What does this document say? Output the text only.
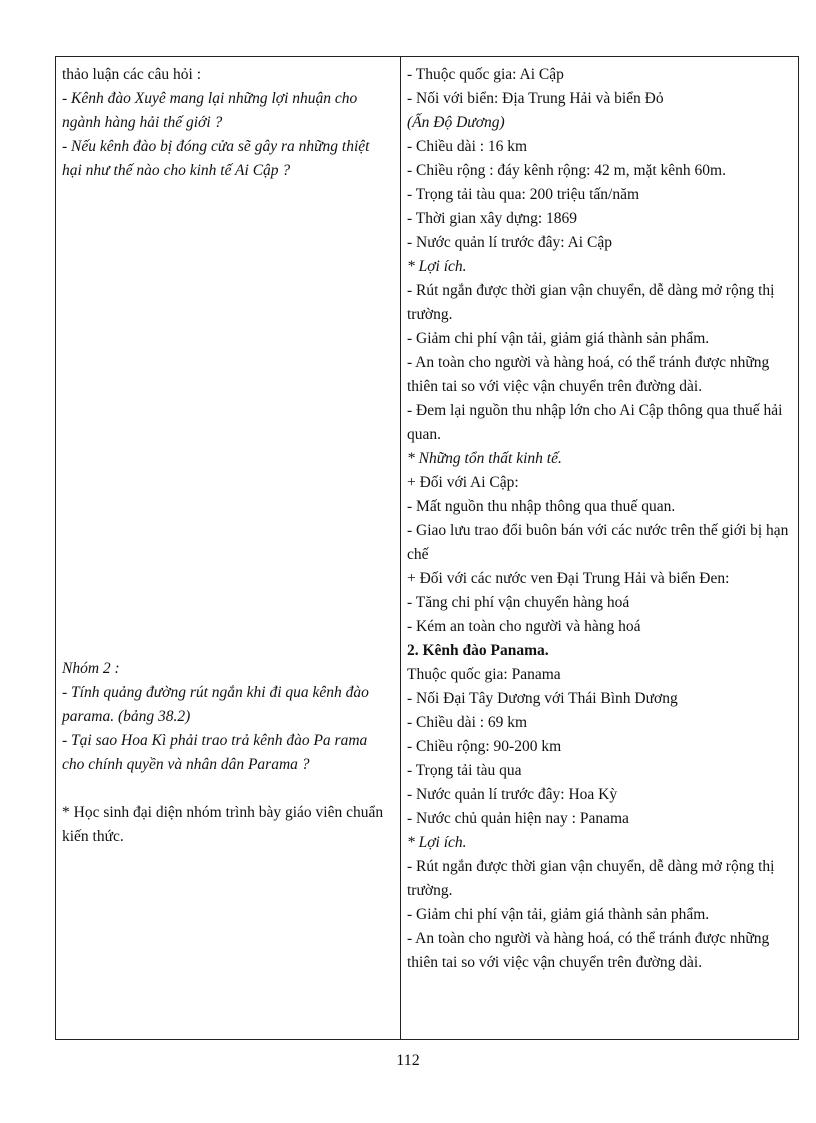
thảo luận các câu hỏi :
- Kênh đào Xuyê mang lại những lợi nhuận cho ngành hàng hải thế giới ?
- Nếu kênh đào bị đóng cửa sẽ gây ra những thiệt hại như thế nào cho kinh tế Ai Cập ?
Nhóm 2 :
- Tính quảng đường rút ngắn khi đi qua kênh đào parama. (bảng 38.2)
- Tại sao Hoa Kì phải trao trả kênh đào Pa rama cho chính quyền và nhân dân Parama ?
* Học sinh đại diện nhóm trình bày giáo viên chuẩn kiến thức.
- Thuộc quốc gia: Ai Cập
- Nối với biển: Địa Trung Hải và biển Đỏ
(Ấn Độ Dương)
- Chiều dài : 16 km
- Chiều rộng : đáy kênh rộng: 42 m, mặt kênh 60m.
- Trọng tải tàu qua: 200 triệu tấn/năm
- Thời gian xây dựng: 1869
- Nước quản lí trước đây: Ai Cập
* Lợi ích.
- Rút ngắn được thời gian vận chuyển, dễ dàng mở rộng thị trường.
- Giảm chi phí vận tải, giảm giá thành sản phẩm.
- An toàn cho người và hàng hoá, có thể tránh được những thiên tai so với việc vận chuyển trên đường dài.
- Đem lại nguồn thu nhập lớn cho Ai Cập thông qua thuế hải quan.
* Những tổn thất kinh tế.
+ Đối với Ai Cập:
- Mất nguồn thu nhập thông qua thuế quan.
- Giao lưu trao đổi buôn bán với các nước trên thế giới bị hạn chế
+ Đối với các nước ven Đại Trung Hải và biển Đen:
- Tăng chi phí vận chuyển hàng hoá
- Kém an toàn cho người và hàng hoá
2. Kênh đào Panama.
Thuộc quốc gia: Panama
- Nối Đại Tây Dương với Thái Bình Dương
- Chiều dài : 69 km
- Chiều rộng: 90-200 km
- Trọng tải tàu qua
- Nước quản lí trước đây: Hoa Kỳ
- Nước chủ quản hiện nay : Panama
* Lợi ích.
- Rút ngắn được thời gian vận chuyển, dễ dàng mở rộng thị trường.
- Giảm chi phí vận tải, giảm giá thành sản phẩm.
- An toàn cho người và hàng hoá, có thể tránh được những thiên tai so với việc vận chuyển trên đường dài.
112
